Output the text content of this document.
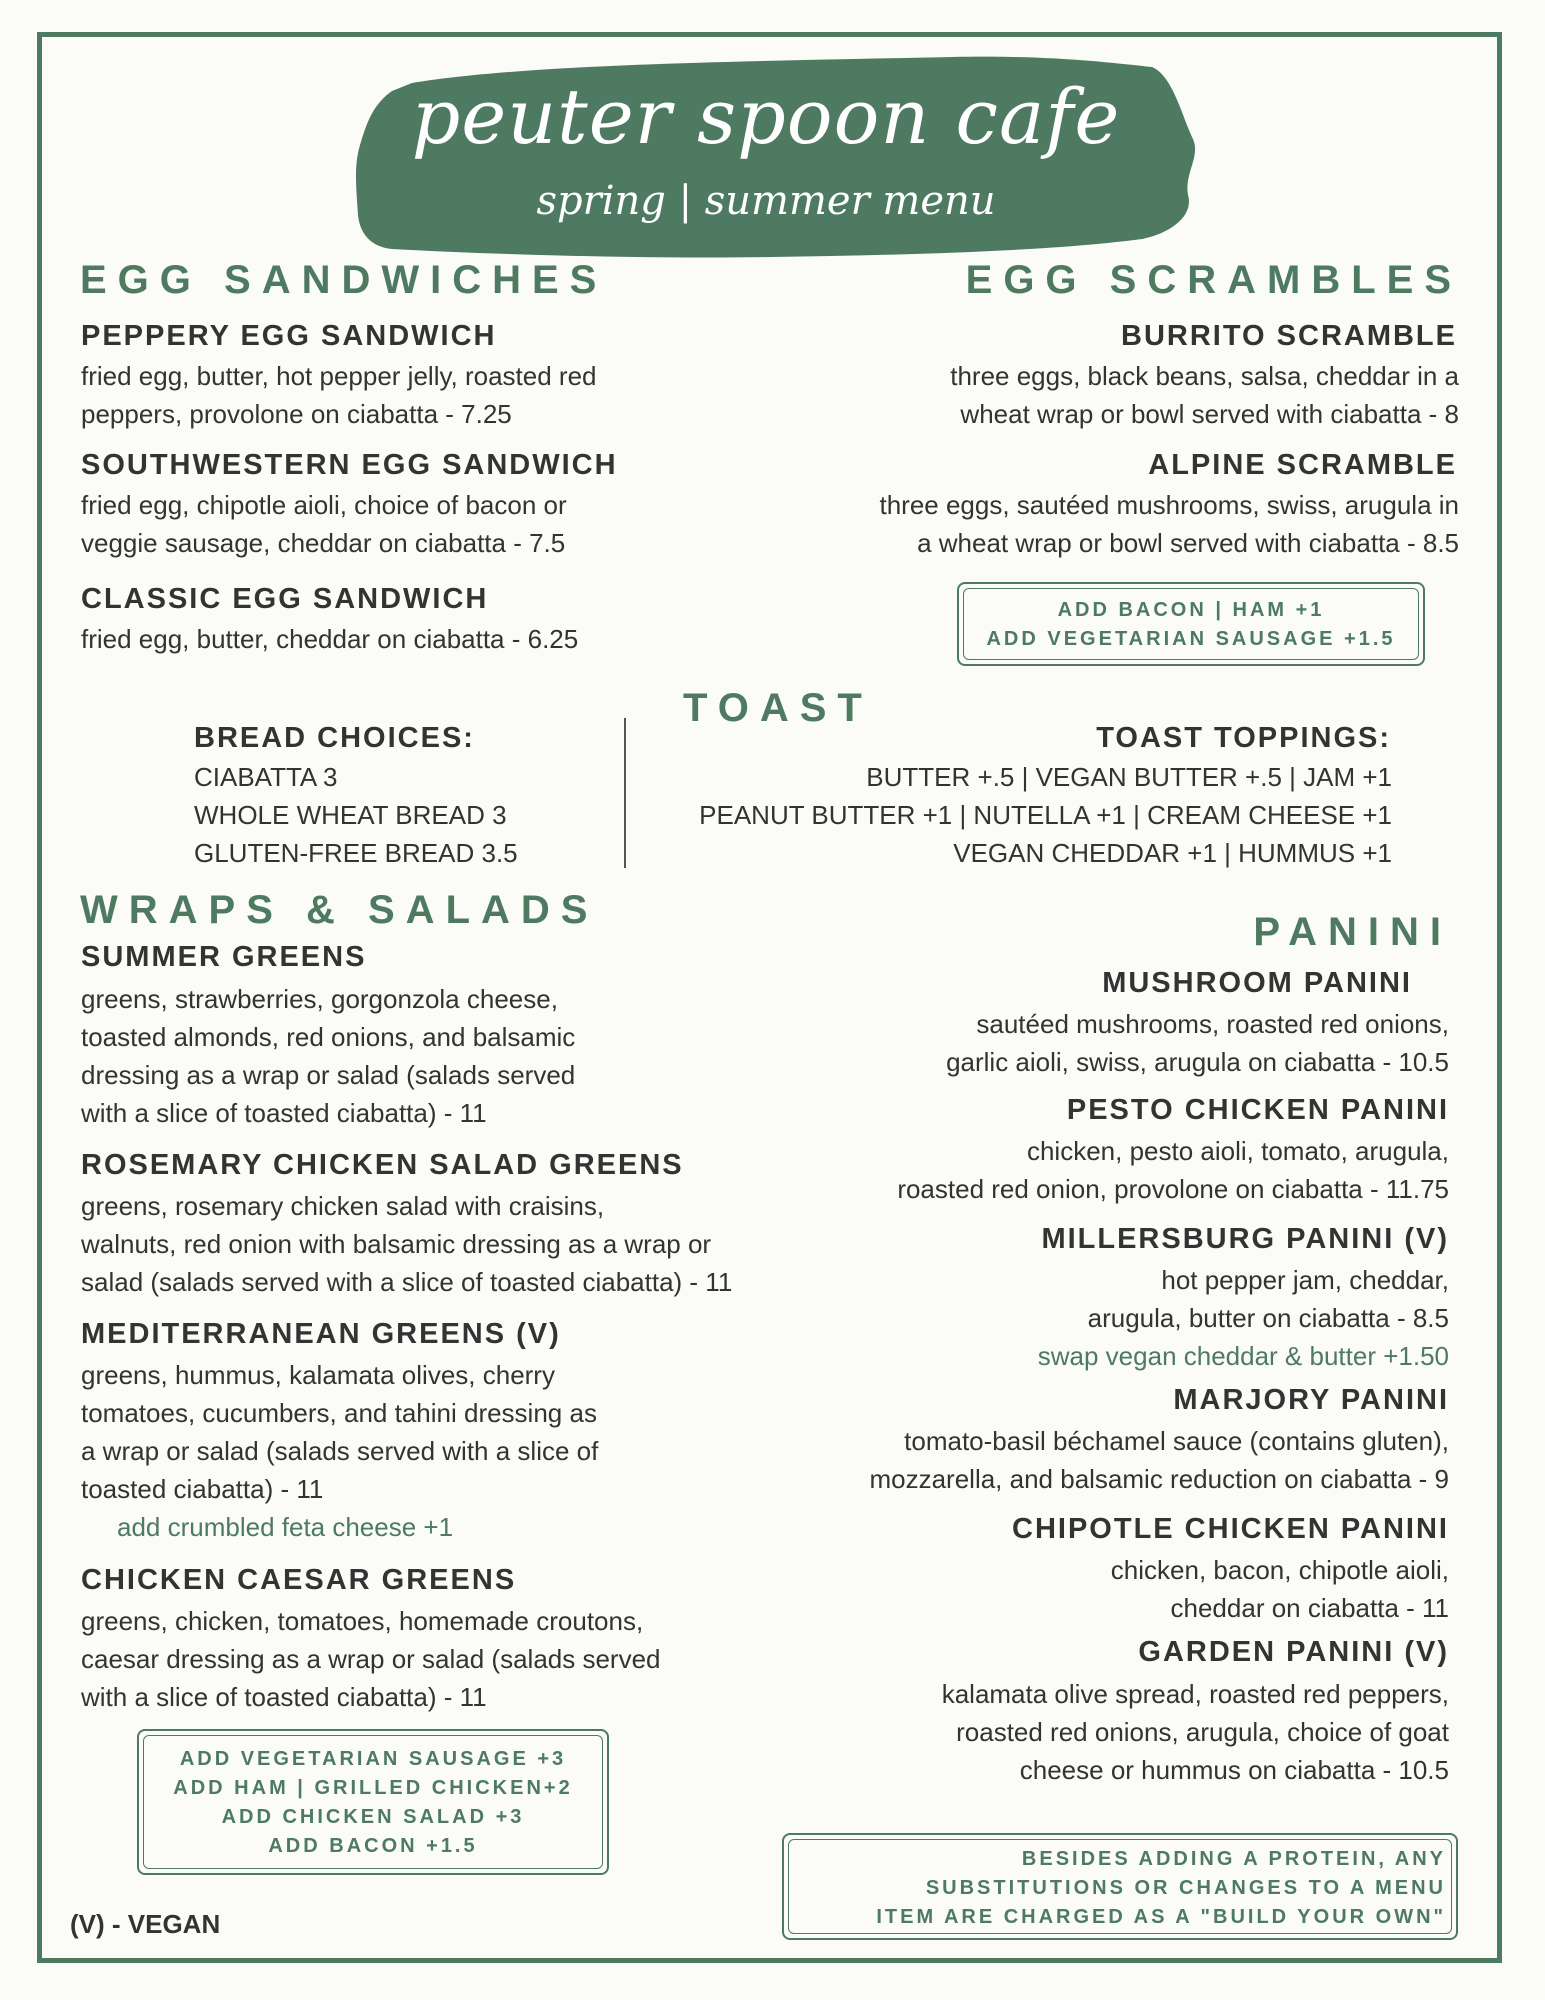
peuter spoon cafe
spring | summer menu
EGG SANDWICHES
PEPPERY EGG SANDWICH
fried egg, butter, hot pepper jelly, roasted red
peppers, provolone on ciabatta - 7.25
SOUTHWESTERN EGG SANDWICH
fried egg, chipotle aioli, choice of bacon or
veggie sausage, cheddar on ciabatta - 7.5
CLASSIC EGG SANDWICH
fried egg, butter, cheddar on ciabatta - 6.25
EGG SCRAMBLES
BURRITO SCRAMBLE
three eggs, black beans, salsa, cheddar in a
wheat wrap or bowl served with ciabatta - 8
ALPINE SCRAMBLE
three eggs, sautéed mushrooms, swiss, arugula in
a wheat wrap or bowl served with ciabatta - 8.5
ADD BACON | HAM +1
ADD VEGETARIAN SAUSAGE +1.5
TOAST
BREAD CHOICES:
CIABATTA 3
WHOLE WHEAT BREAD 3
GLUTEN-FREE BREAD 3.5
TOAST TOPPINGS:
BUTTER +.5 | VEGAN BUTTER +.5 | JAM +1
PEANUT BUTTER +1 | NUTELLA +1 | CREAM CHEESE +1
VEGAN CHEDDAR +1 | HUMMUS +1
WRAPS & SALADS
SUMMER GREENS
greens, strawberries, gorgonzola cheese,
toasted almonds, red onions, and balsamic
dressing as a wrap or salad (salads served
with a slice of toasted ciabatta) - 11
ROSEMARY CHICKEN SALAD GREENS
greens, rosemary chicken salad with craisins,
walnuts, red onion with balsamic dressing as a wrap or
salad (salads served with a slice of toasted ciabatta) - 11
MEDITERRANEAN GREENS (V)
greens, hummus, kalamata olives, cherry
tomatoes, cucumbers, and tahini dressing as
a wrap or salad (salads served with a slice of
toasted ciabatta) - 11
add crumbled feta cheese +1
CHICKEN CAESAR GREENS
greens, chicken, tomatoes, homemade croutons,
caesar dressing as a wrap or salad (salads served
with a slice of toasted ciabatta) - 11
ADD VEGETARIAN SAUSAGE +3
ADD HAM | GRILLED CHICKEN+2
ADD CHICKEN SALAD +3
ADD BACON +1.5
PANINI
MUSHROOM PANINI
sautéed mushrooms, roasted red onions,
garlic aioli, swiss, arugula on ciabatta - 10.5
PESTO CHICKEN PANINI
chicken, pesto aioli, tomato, arugula,
roasted red onion, provolone on ciabatta - 11.75
MILLERSBURG PANINI (V)
hot pepper jam, cheddar,
arugula, butter on ciabatta - 8.5
swap vegan cheddar & butter +1.50
MARJORY PANINI
tomato-basil béchamel sauce (contains gluten),
mozzarella, and balsamic reduction on ciabatta - 9
CHIPOTLE CHICKEN PANINI
chicken, bacon, chipotle aioli,
cheddar on ciabatta - 11
GARDEN PANINI (V)
kalamata olive spread, roasted red peppers,
roasted red onions, arugula, choice of goat
cheese or hummus on ciabatta - 10.5
(V) - VEGAN
BESIDES ADDING A PROTEIN, ANY
SUBSTITUTIONS OR CHANGES TO A MENU
ITEM ARE CHARGED AS A "BUILD YOUR OWN"
